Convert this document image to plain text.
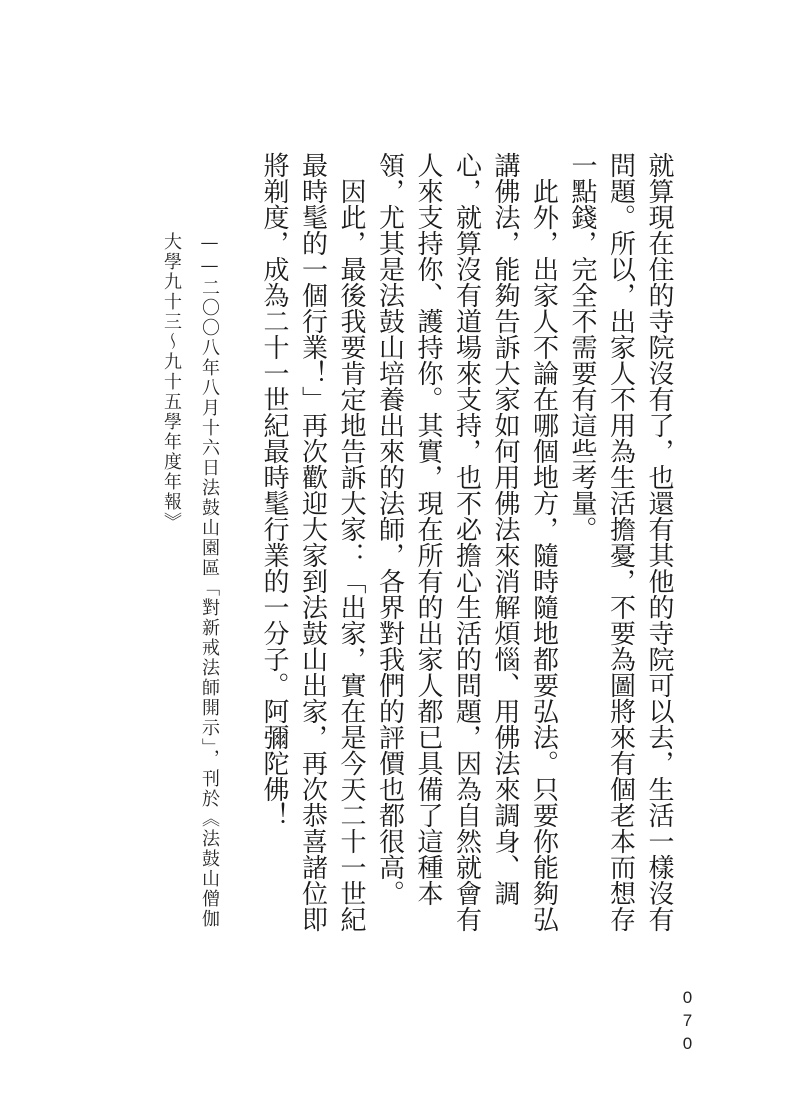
就算現在住的寺院沒有了，也還有其他的寺院可以去，生活一樣沒有問題。所以，出家人不用為生活擔憂，不要為圖將來有個老本而想存一點錢，完全不需要有這些考量。

此外，出家人不論在哪個地方，隨時隨地都要弘法。只要你能夠弘講佛法，能夠告訴大家如何用佛法來消解煩惱、用佛法來調身、調心，就算沒有道場來支持，也不必擔心生活的問題，因為自然就會有人來支持你、護持你。其實，現在所有的出家人都已具備了這種本領，尤其是法鼓山培養出來的法師，各界對我們的評價也都很高。

因此，最後我要肯定地告訴大家：「出家，實在是今天二十一世紀最時髦的一個行業！」再次歡迎大家到法鼓山出家，再次恭喜諸位即將剃度，成為二十一世紀最時髦行業的一分子。阿彌陀佛！

——二〇〇八年八月十六日法鼓山園區「對新戒法師開示」，刊於《法鼓山僧伽
大學九十三～九十五學年度年報》
070
